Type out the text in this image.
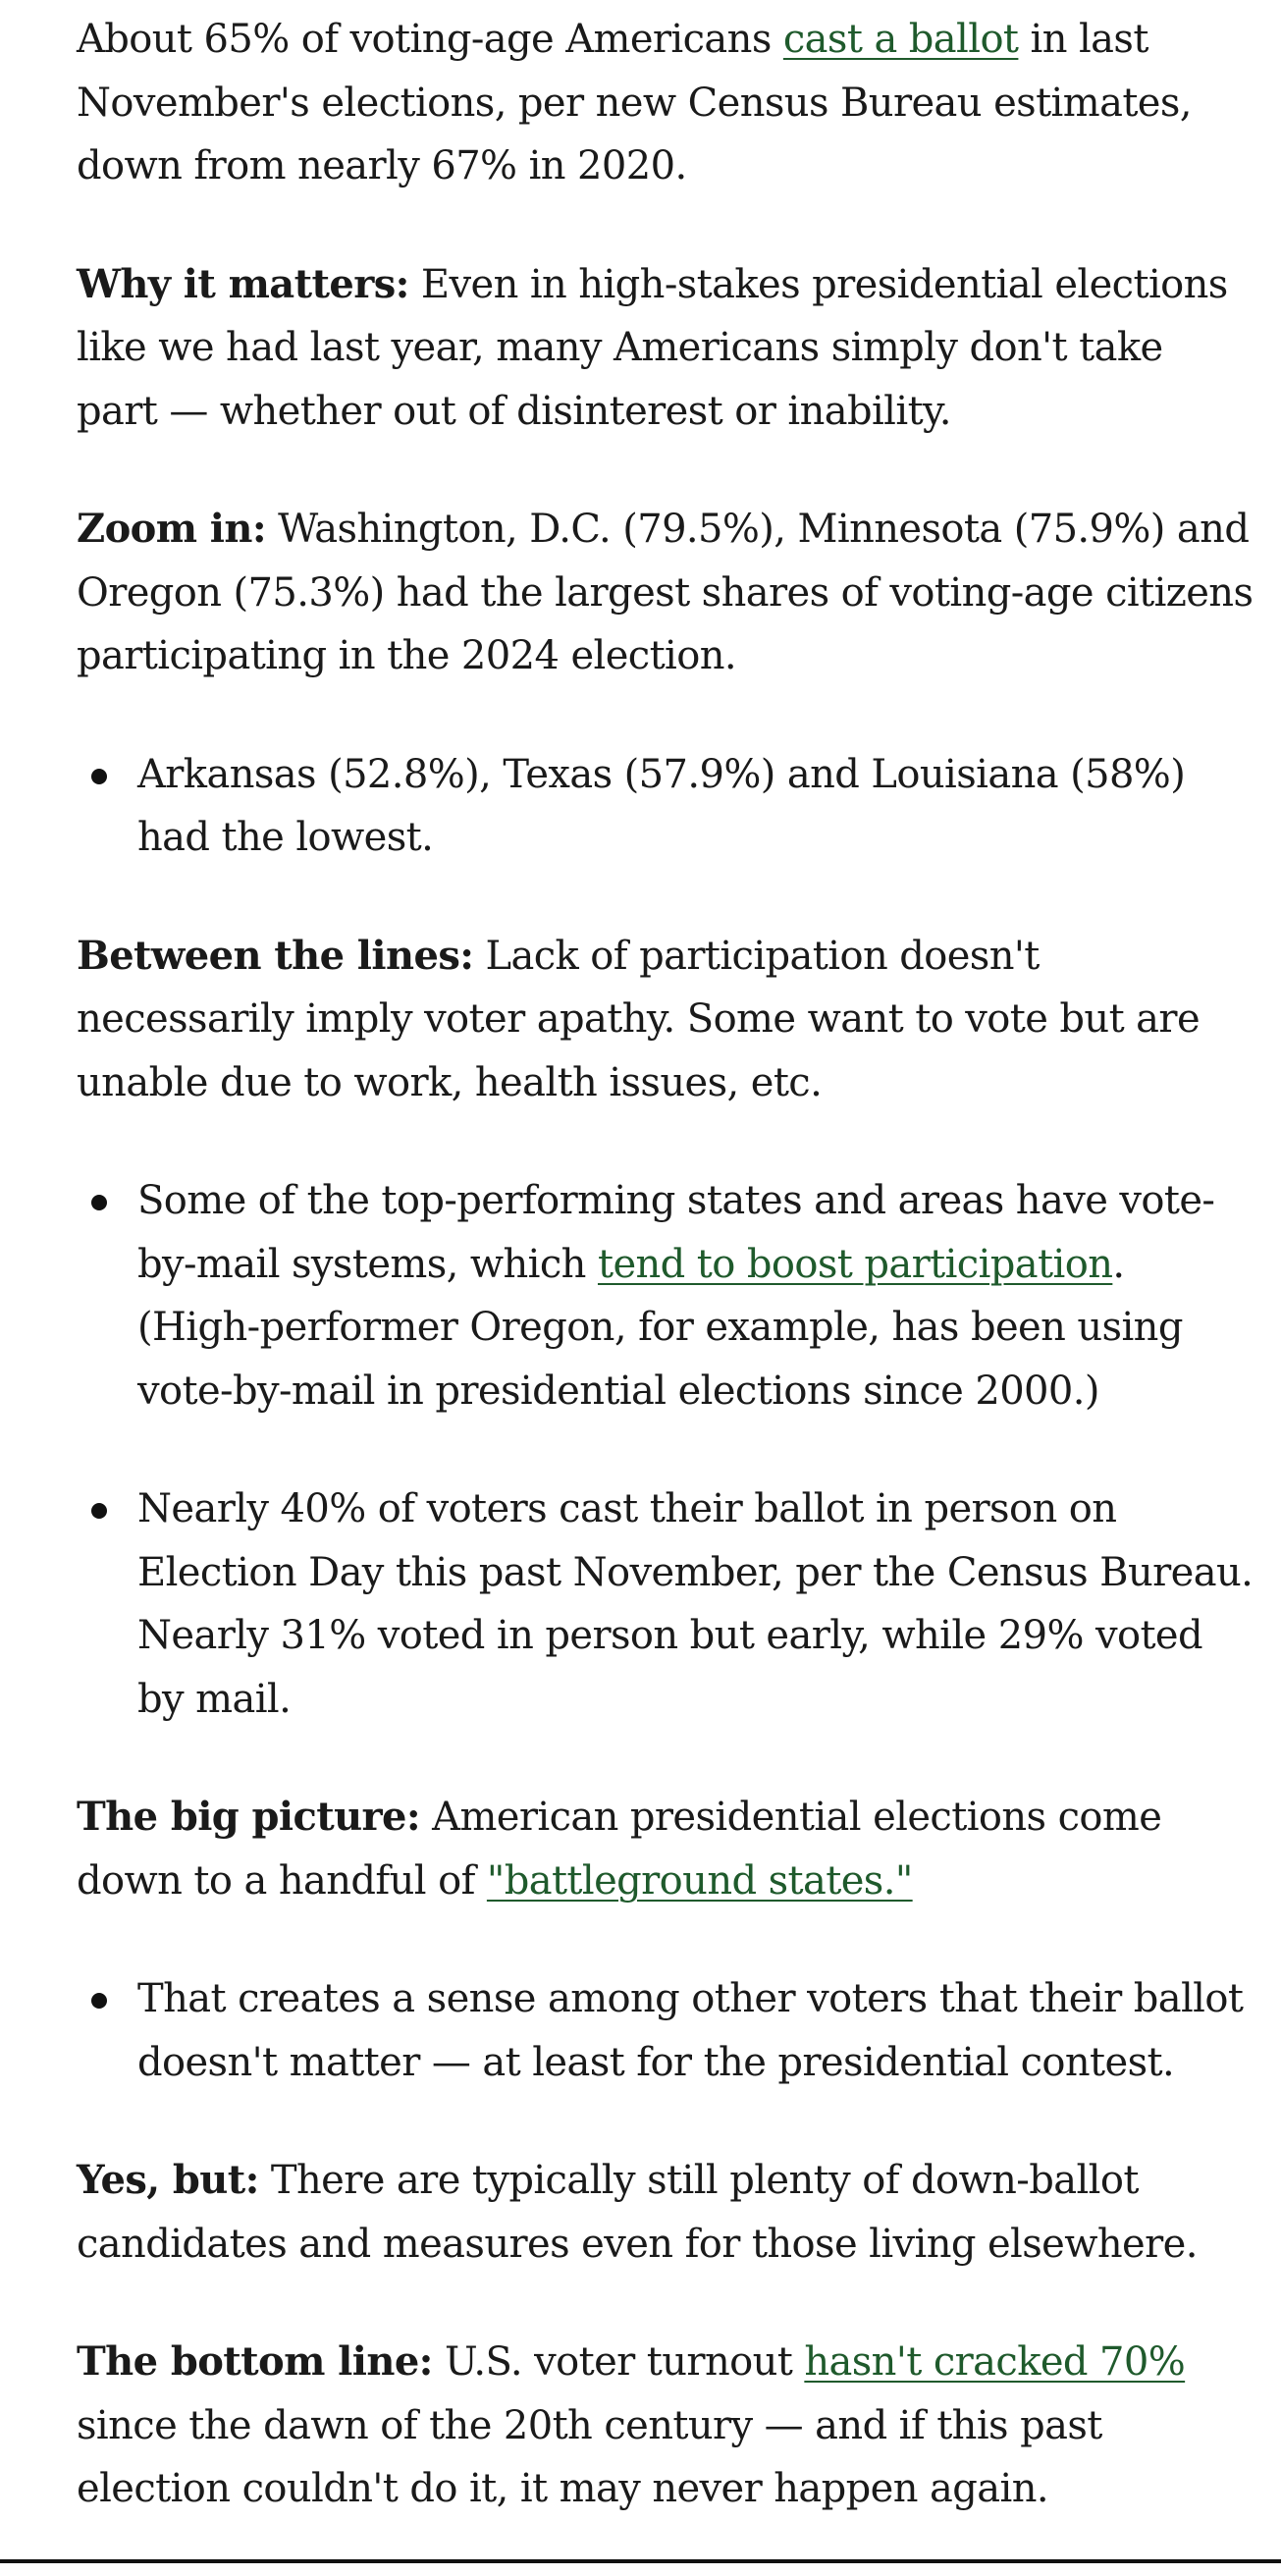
About 65% of voting-age Americans cast a ballot in last November's elections, per new Census Bureau estimates, down from nearly 67% in 2020.

Why it matters: Even in high-stakes presidential elections like we had last year, many Americans simply don't take part — whether out of disinterest or inability.

Zoom in: Washington, D.C. (79.5%), Minnesota (75.9%) and Oregon (75.3%) had the largest shares of voting-age citizens participating in the 2024 election.

Arkansas (52.8%), Texas (57.9%) and Louisiana (58%) had the lowest.

Between the lines: Lack of participation doesn't necessarily imply voter apathy. Some want to vote but are unable due to work, health issues, etc.

Some of the top-performing states and areas have vote-by-mail systems, which tend to boost participation. (High-performer Oregon, for example, has been using vote-by-mail in presidential elections since 2000.)
Nearly 40% of voters cast their ballot in person on Election Day this past November, per the Census Bureau. Nearly 31% voted in person but early, while 29% voted by mail.

The big picture: American presidential elections come down to a handful of "battleground states."

That creates a sense among other voters that their ballot doesn't matter — at least for the presidential contest.

Yes, but: There are typically still plenty of down-ballot candidates and measures even for those living elsewhere.

The bottom line: U.S. voter turnout hasn't cracked 70% since the dawn of the 20th century — and if this past election couldn't do it, it may never happen again.
